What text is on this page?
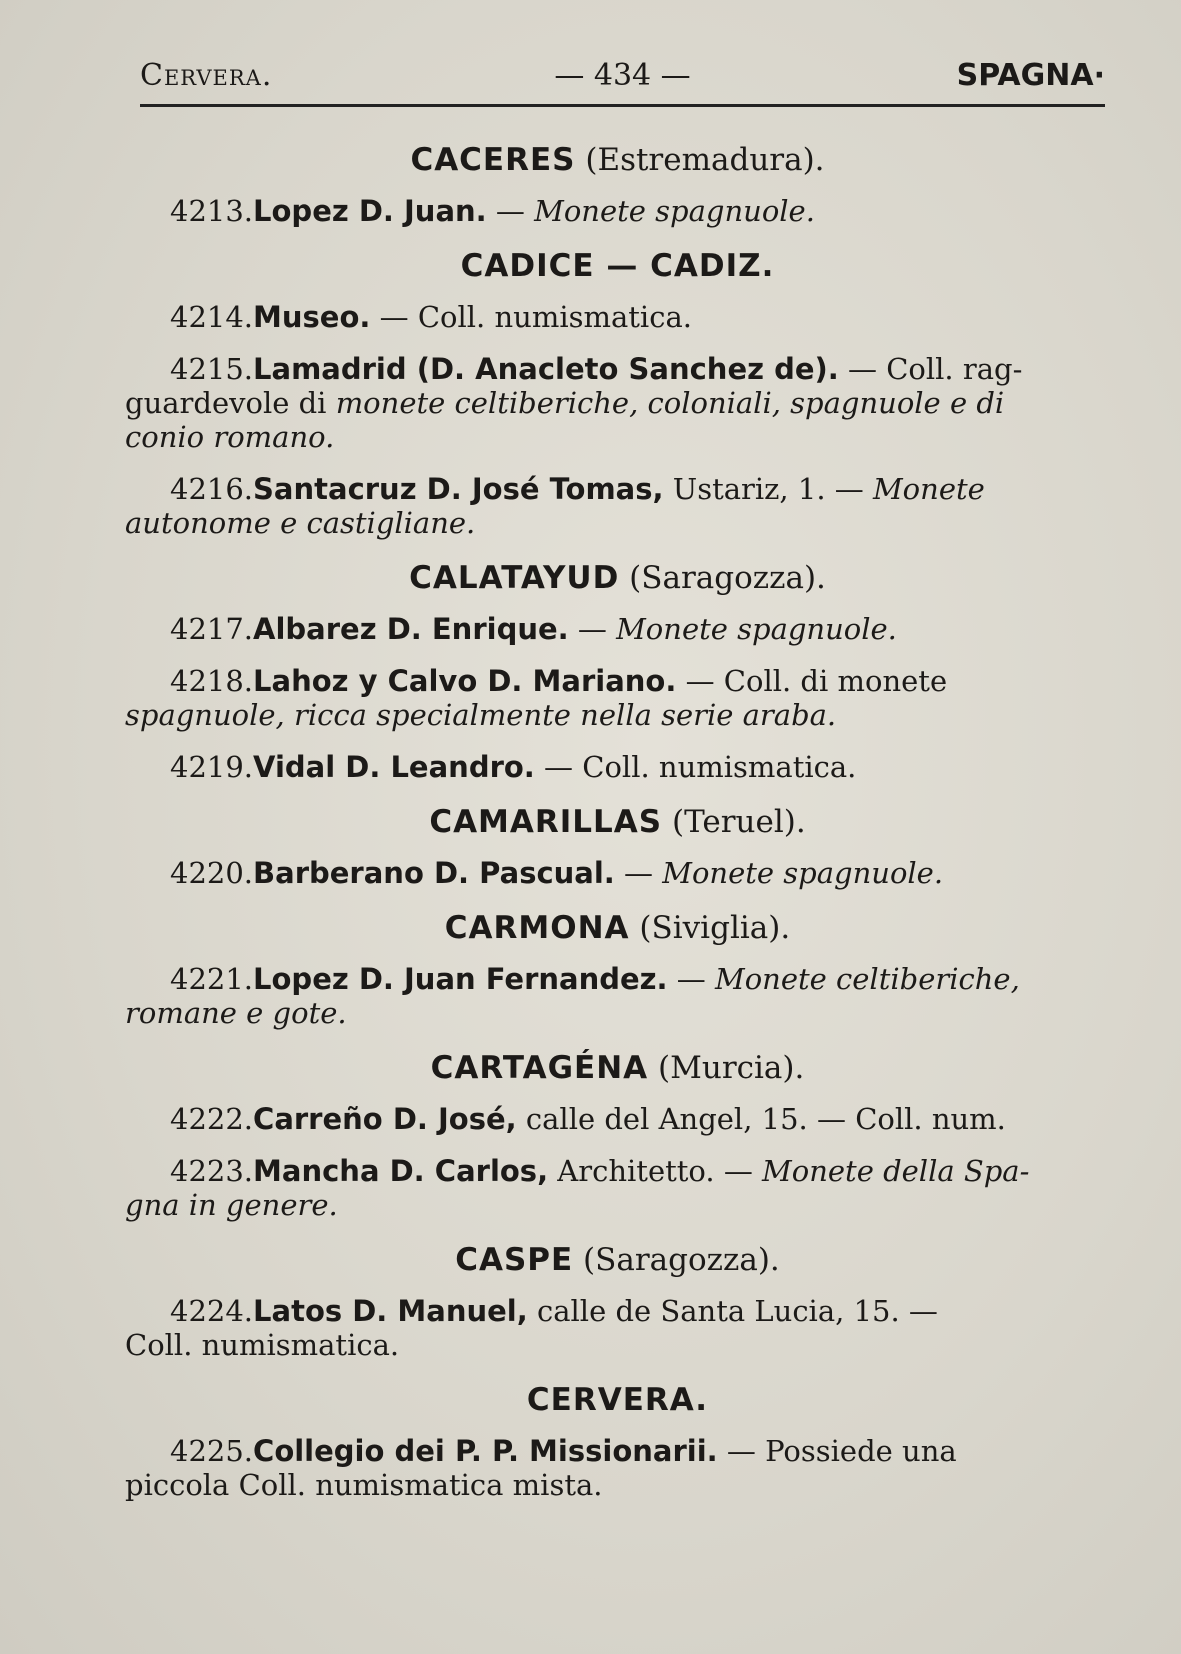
Cervera.	— 434 —	SPAGNA·
CACERES (Estremadura).
4213.Lopez D. Juan. — Monete spagnuole.
CADICE — CADIZ.
4214.Museo. — Coll. numismatica.
4215.Lamadrid (D. Anacleto Sanchez de). — Coll. rag-
guardevole di monete celtiberiche, coloniali, spagnuole e di
conio romano.
4216.Santacruz D. José Tomas, Ustariz, 1. — Monete
autonome e castigliane.
CALATAYUD (Saragozza).
4217.Albarez D. Enrique. — Monete spagnuole.
4218.Lahoz y Calvo D. Mariano. — Coll. di monete
spagnuole, ricca specialmente nella serie araba.
4219.Vidal D. Leandro. — Coll. numismatica.
CAMARILLAS (Teruel).
4220.Barberano D. Pascual. — Monete spagnuole.
CARMONA (Siviglia).
4221.Lopez D. Juan Fernandez. — Monete celtiberiche,
romane e gote.
CARTAGÉNA (Murcia).
4222.Carreño D. José, calle del Angel, 15. — Coll. num.
4223.Mancha D. Carlos, Architetto. — Monete della Spa-
gna in genere.
CASPE (Saragozza).
4224.Latos D. Manuel, calle de Santa Lucia, 15. —
Coll. numismatica.
CERVERA.
4225.Collegio dei P. P. Missionarii. — Possiede una
piccola Coll. numismatica mista.
